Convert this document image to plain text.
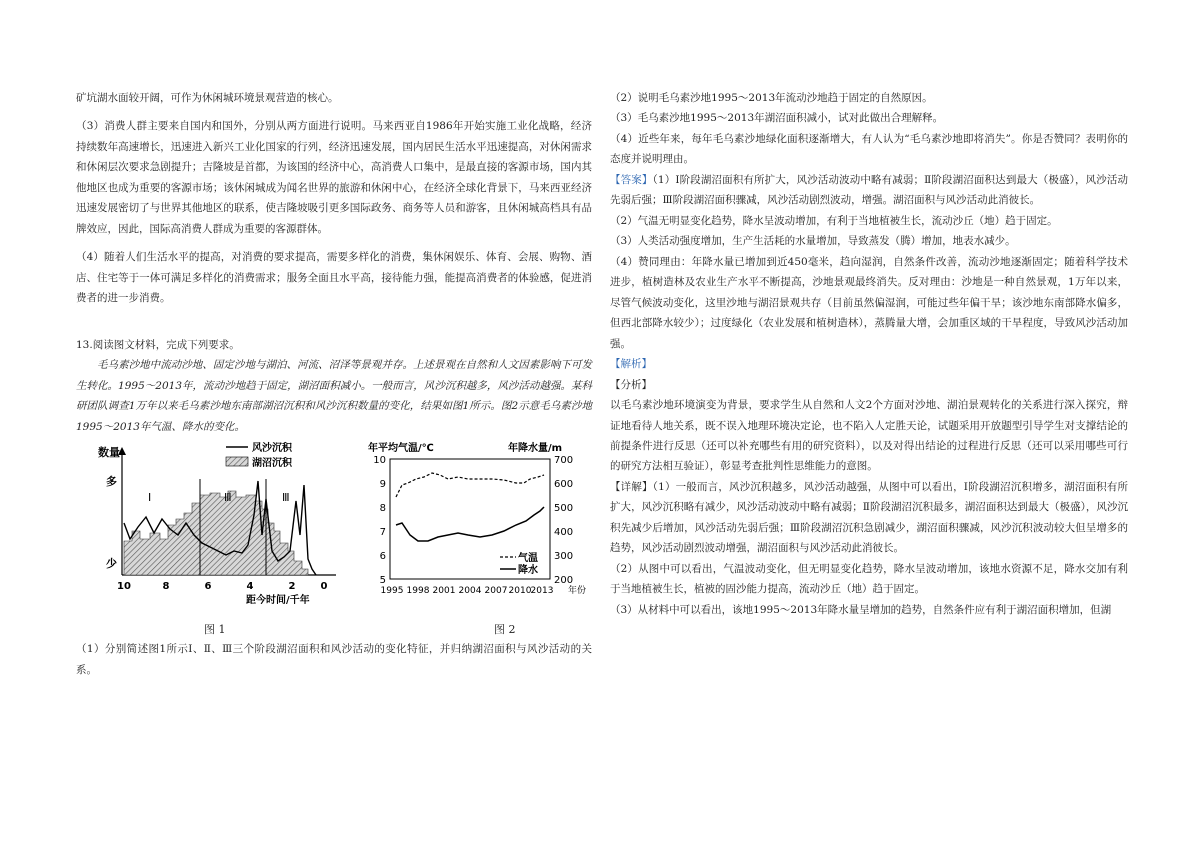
矿坑湖水面较开阔，可作为休闲城环境景观营造的核心。

（3）消费人群主要来自国内和国外，分别从两方面进行说明。马来西亚自1986年开始实施工业化战略，经济持续数年高速增长，迅速进入新兴工业化国家的行列，经济迅速发展，国内居民生活水平迅速提高，对休闲需求和休闲层次要求急剧提升；吉隆坡是首都，为该国的经济中心，高消费人口集中，是最直接的客源市场，国内其他地区也成为重要的客源市场；该休闲城成为闻名世界的旅游和休闲中心，在经济全球化背景下，马来西亚经济迅速发展密切了与世界其他地区的联系，使吉隆坡吸引更多国际政务、商务等人员和游客，且休闲城高档具有品牌效应，因此，国际高消费人群成为重要的客源群体。

（4）随着人们生活水平的提高，对消费的要求提高，需要多样化的消费，集休闲娱乐、体育、会展、购物、酒店、住宅等于一体可满足多样化的消费需求；服务全面且水平高，接待能力强，能提高消费者的体验感，促进消费者的进一步消费。

13.阅读图文材料，完成下列要求。

毛乌素沙地中流动沙地、固定沙地与湖泊、河流、沼泽等景观并存。上述景观在自然和人文因素影响下可发生转化。1995～2013年，流动沙地趋于固定，湖沼面积减小。一般而言，风沙沉积越多，风沙活动越强。某科研团队调查1万年以来毛乌素沙地东南部湖沼沉积和风沙沉积数量的变化，结果如图1所示。图2示意毛乌素沙地1995～2013年气温、降水的变化。

数量
多
少
风沙沉积
湖沼沉积
Ⅰ	Ⅲ	Ⅲ
10	8	6	4	2	0
距今时间/千年
年平均气温/℃	年降水量/m
10
9
8
7
6
5
700
600
500
400
300
200
气温
降水
1995 1998 2001 2004 2007 2010 2013 年份
图 1	图 2

（1）分别简述图1所示Ⅰ、Ⅱ、Ⅲ三个阶段湖沼面积和风沙活动的变化特征，并归纳湖沼面积与风沙活动的关系。

（2）说明毛乌素沙地1995～2013年流动沙地趋于固定的自然原因。

（3）毛乌素沙地1995～2013年湖沼面积减小，试对此做出合理解释。

（4）近些年来，每年毛乌素沙地绿化面积逐渐增大，有人认为“毛乌素沙地即将消失”。你是否赞同？表明你的态度并说明理由。

【答案】（1）Ⅰ阶段湖沼面积有所扩大，风沙活动波动中略有减弱；Ⅱ阶段湖沼面积达到最大（极盛），风沙活动先弱后强；Ⅲ阶段湖沼面积骤减，风沙活动剧烈波动，增强。湖沼面积与风沙活动此消彼长。

（2）气温无明显变化趋势，降水呈波动增加，有利于当地植被生长，流动沙丘（地）趋于固定。

（3）人类活动强度增加，生产生活耗的水量增加，导致蒸发（腾）增加，地表水减少。

（4）赞同理由：年降水量已增加到近450毫米，趋向湿润，自然条件改善，流动沙地逐渐固定；随着科学技术进步，植树造林及农业生产水平不断提高，沙地景观最终消失。反对理由：沙地是一种自然景观，1万年以来，尽管气候波动变化，这里沙地与湖沼景观共存（目前虽然偏湿润，可能过些年偏干旱；该沙地东南部降水偏多，但西北部降水较少）；过度绿化（农业发展和植树造林），蒸腾量大增，会加重区域的干旱程度，导致风沙活动加强。

【解析】

【分析】

以毛乌素沙地环境演变为背景，要求学生从自然和人文2个方面对沙地、湖泊景观转化的关系进行深入探究，辩证地看待人地关系，既不误入地理环境决定论，也不陷入人定胜天论，试题采用开放题型引导学生对支撑结论的前提条件进行反思（还可以补充哪些有用的研究资料），以及对得出结论的过程进行反思（还可以采用哪些可行的研究方法相互验证），彰显考查批判性思维能力的意图。

【详解】（1）一般而言，风沙沉积越多，风沙活动越强，从图中可以看出，Ⅰ阶段湖沼沉积增多，湖沼面积有所扩大，风沙沉积略有减少，风沙活动波动中略有减弱；Ⅱ阶段湖沼沉积最多，湖沼面积达到最大（极盛），风沙沉积先减少后增加，风沙活动先弱后强；Ⅲ阶段湖沼沉积急剧减少，湖沼面积骤减，风沙沉积波动较大但呈增多的趋势，风沙活动剧烈波动增强，湖沼面积与风沙活动此消彼长。

（2）从图中可以看出，气温波动变化，但无明显变化趋势，降水呈波动增加，该地水资源不足，降水交加有利于当地植被生长，植被的固沙能力提高，流动沙丘（地）趋于固定。

（3）从材料中可以看出，该地1995～2013年降水量呈增加的趋势，自然条件应有利于湖沼面积增加，但湖
